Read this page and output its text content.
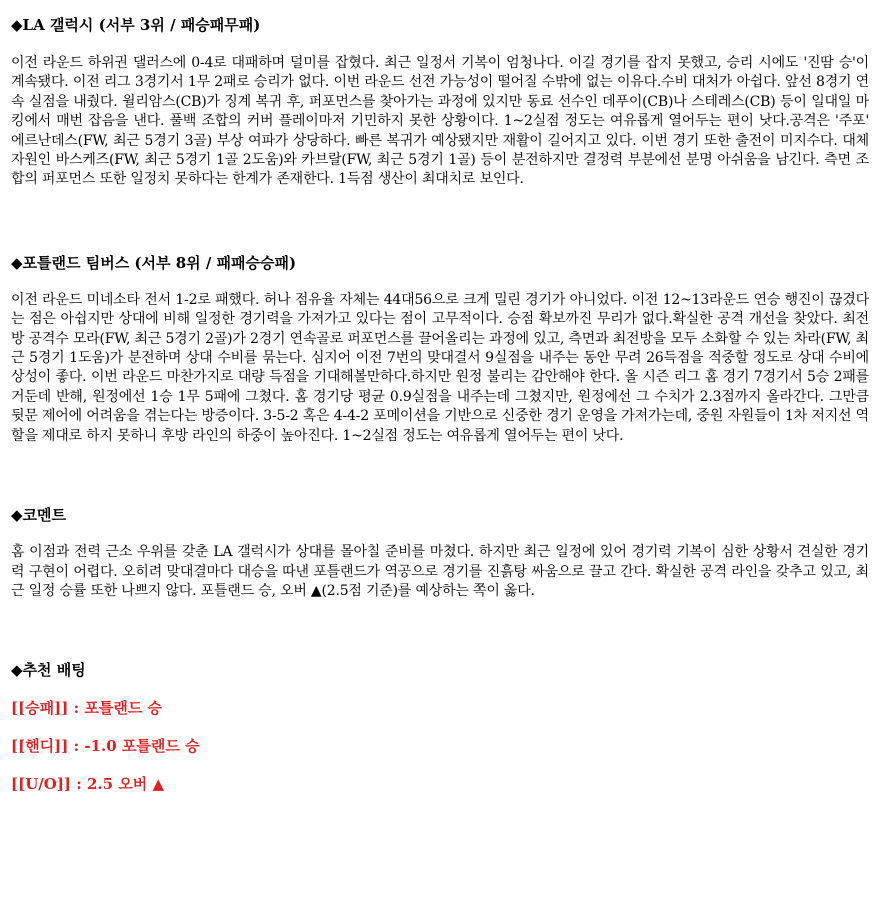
◆LA 갤럭시 (서부 3위 / 패승패무패)

이전 라운드 하위권 댈러스에 0-4로 대패하며 덜미를 잡혔다. 최근 일정서 기복이 엄청나다. 이길 경기를 잡지 못했고, 승리 시에도 '진땀 승'이 계속됐다. 이전 리그 3경기서 1무 2패로 승리가 없다. 이번 라운드 선전 가능성이 떨어질 수밖에 없는 이유다.수비 대처가 아쉽다. 앞선 8경기 연속 실점을 내줬다. 윌리암스(CB)가 징계 복귀 후, 퍼포먼스를 찾아가는 과정에 있지만 동료 선수인 데푸이(CB)나 스테레스(CB) 등이 일대일 마킹에서 매번 잡음을 낸다. 풀백 조합의 커버 플레이마저 기민하지 못한 상황이다. 1~2실점 정도는 여유롭게 열어두는 편이 낫다.공격은 '주포' 에르난데스(FW, 최근 5경기 3골) 부상 여파가 상당하다. 빠른 복귀가 예상됐지만 재활이 길어지고 있다. 이번 경기 또한 출전이 미지수다. 대체 자원인 바스케즈(FW, 최근 5경기 1골 2도움)와 카브랄(FW, 최근 5경기 1골) 등이 분전하지만 결정력 부분에선 분명 아쉬움을 남긴다. 측면 조합의 퍼포먼스 또한 일정치 못하다는 한계가 존재한다. 1득점 생산이 최대치로 보인다.

◆포틀랜드 팀버스 (서부 8위 / 패패승승패)

이전 라운드 미네소타 전서 1-2로 패했다. 허나 점유율 자체는 44대56으로 크게 밀린 경기가 아니었다. 이전 12~13라운드 연승 행진이 끊겼다는 점은 아쉽지만 상대에 비해 일정한 경기력을 가져가고 있다는 점이 고무적이다. 승점 확보까진 무리가 없다.확실한 공격 개선을 찾았다. 최전방 공격수 모라(FW, 최근 5경기 2골)가 2경기 연속골로 퍼포먼스를 끌어올리는 과정에 있고, 측면과 최전방을 모두 소화할 수 있는 차라(FW, 최근 5경기 1도움)가 분전하며 상대 수비를 묶는다. 심지어 이전 7번의 맞대결서 9실점을 내주는 동안 무려 26득점을 적중할 정도로 상대 수비에 상성이 좋다. 이번 라운드 마찬가지로 대량 득점을 기대해볼만하다.하지만 원정 불리는 감안해야 한다. 올 시즌 리그 홈 경기 7경기서 5승 2패를 거둔데 반해, 원정에선 1승 1무 5패에 그쳤다. 홈 경기당 평균 0.9실점을 내주는데 그쳤지만, 원정에선 그 수치가 2.3점까지 올라간다. 그만큼 뒷문 제어에 어려움을 겪는다는 방증이다. 3-5-2 혹은 4-4-2 포메이션을 기반으로 신중한 경기 운영을 가져가는데, 중원 자원들이 1차 저지선 역할을 제대로 하지 못하니 후방 라인의 하중이 높아진다. 1~2실점 정도는 여유롭게 열어두는 편이 낫다.

◆코멘트

홈 이점과 전력 근소 우위를 갖춘 LA 갤럭시가 상대를 몰아칠 준비를 마쳤다. 하지만 최근 일정에 있어 경기력 기복이 심한 상황서 견실한 경기력 구현이 어렵다. 오히려 맞대결마다 대승을 따낸 포틀랜드가 역공으로 경기를 진흙탕 싸움으로 끌고 간다. 확실한 공격 라인을 갖추고 있고, 최근 일정 승률 또한 나쁘지 않다. 포틀랜드 승, 오버 ▲(2.5점 기준)를 예상하는 쪽이 옳다.

◆추천 배팅

[[승패]] : 포틀랜드 승

[[핸디]] : -1.0 포틀랜드 승

[[U/O]] : 2.5 오버 ▲
